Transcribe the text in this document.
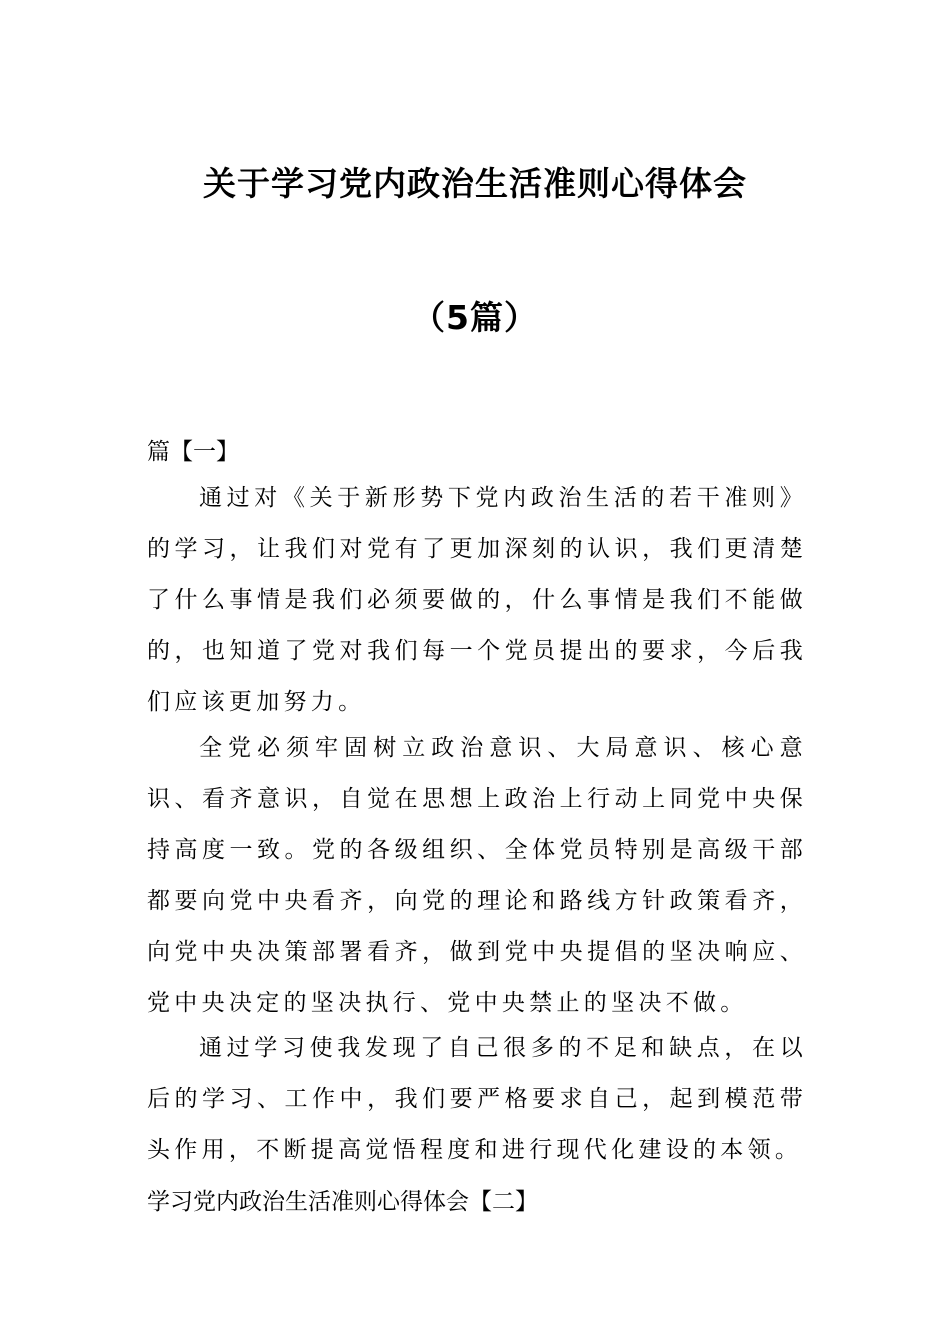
关于学习党内政治生活准则心得体会
（5篇）
篇【一】

通过对《关于新形势下党内政治生活的若干准则》的学习，让我们对党有了更加深刻的认识，我们更清楚了什么事情是我们必须要做的，什么事情是我们不能做的，也知道了党对我们每一个党员提出的要求，今后我们应该更加努力。

全党必须牢固树立政治意识、大局意识、核心意识、看齐意识，自觉在思想上政治上行动上同党中央保持高度一致。党的各级组织、全体党员特别是高级干部都要向党中央看齐，向党的理论和路线方针政策看齐，向党中央决策部署看齐，做到党中央提倡的坚决响应、党中央决定的坚决执行、党中央禁止的坚决不做。

通过学习使我发现了自己很多的不足和缺点，在以后的学习、工作中，我们要严格要求自己，起到模范带头作用，不断提高觉悟程度和进行现代化建设的本领。

学习党内政治生活准则心得体会【二】
